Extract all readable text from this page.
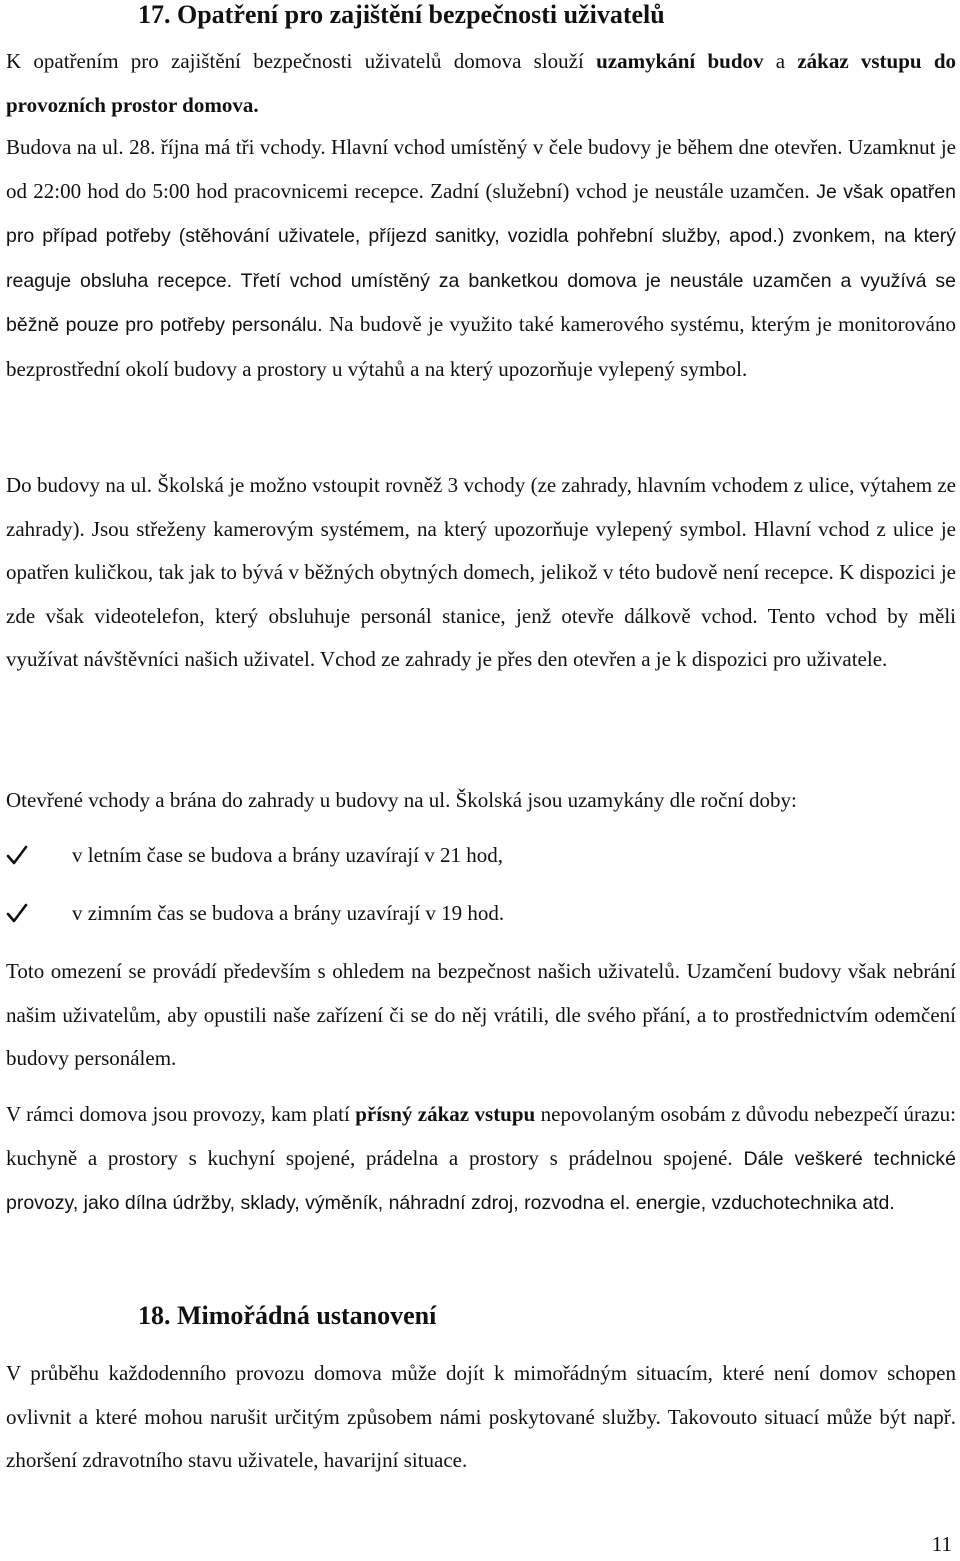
17. Opatření pro zajištění bezpečnosti uživatelů

K opatřením pro zajištění bezpečnosti uživatelů domova slouží uzamykání budov a zákaz vstupu do provozních prostor domova.

Budova na ul. 28. října má tři vchody. Hlavní vchod umístěný v čele budovy je během dne otevřen. Uzamknut je od 22:00 hod do 5:00 hod pracovnicemi recepce. Zadní (služební) vchod je neustále uzamčen. Je však opatřen pro případ potřeby (stěhování uživatele, příjezd sanitky, vozidla pohřební služby, apod.) zvonkem, na který reaguje obsluha recepce. Třetí vchod umístěný za banketkou domova je neustále uzamčen a využívá se běžně pouze pro potřeby personálu. Na budově je využito také kamerového systému, kterým je monitorováno bezprostřední okolí budovy a prostory u výtahů a na který upozorňuje vylepený symbol.

Do budovy na ul. Školská je možno vstoupit rovněž 3 vchody (ze zahrady, hlavním vchodem z ulice, výtahem ze zahrady). Jsou střeženy kamerovým systémem, na který upozorňuje vylepený symbol. Hlavní vchod z ulice je opatřen kuličkou, tak jak to bývá v běžných obytných domech, jelikož v této budově není recepce. K dispozici je zde však videotelefon, který obsluhuje personál stanice, jenž otevře dálkově vchod. Tento vchod by měli využívat návštěvníci našich uživatel. Vchod ze zahrady je přes den otevřen a je k dispozici pro uživatele.

Otevřené vchody a brána do zahrady u budovy na ul. Školská jsou uzamykány dle roční doby:

v letním čase se budova a brány uzavírají v 21 hod,
v zimním čas se budova a brány uzavírají v 19 hod.

Toto omezení se provádí především s ohledem na bezpečnost našich uživatelů. Uzamčení budovy však nebrání našim uživatelům, aby opustili naše zařízení či se do něj vrátili, dle svého přání, a to prostřednictvím odemčení budovy personálem.

V rámci domova jsou provozy, kam platí přísný zákaz vstupu nepovolaným osobám z důvodu nebezpečí úrazu: kuchyně a prostory s kuchyní spojené, prádelna a prostory s prádelnou spojené. Dále veškeré technické provozy, jako dílna údržby, sklady, výměník, náhradní zdroj, rozvodna el. energie, vzduchotechnika atd.

18. Mimořádná ustanovení

V průběhu každodenního provozu domova může dojít k mimořádným situacím, které není domov schopen ovlivnit a které mohou narušit určitým způsobem námi poskytované služby. Takovouto situací může být např. zhoršení zdravotního stavu uživatele, havarijní situace.

11
